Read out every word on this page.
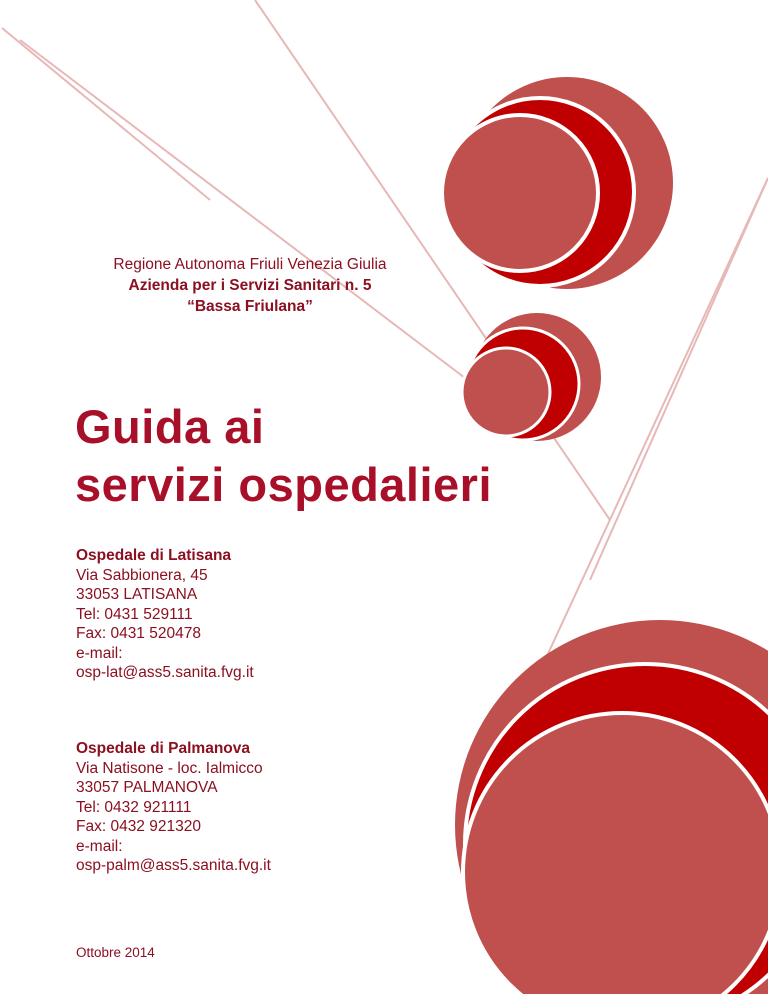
Regione Autonoma Friuli Venezia Giulia
Azienda per i Servizi Sanitari n. 5
“Bassa Friulana”
Guida ai
servizi ospedalieri
Ospedale di Latisana
Via Sabbionera, 45
33053 LATISANA
Tel: 0431 529111
Fax: 0431 520478
e-mail:
osp-lat@ass5.sanita.fvg.it
Ospedale di Palmanova
Via Natisone - loc. Ialmicco
33057 PALMANOVA
Tel: 0432 921111
Fax: 0432 921320
e-mail:
osp-palm@ass5.sanita.fvg.it
Ottobre 2014
